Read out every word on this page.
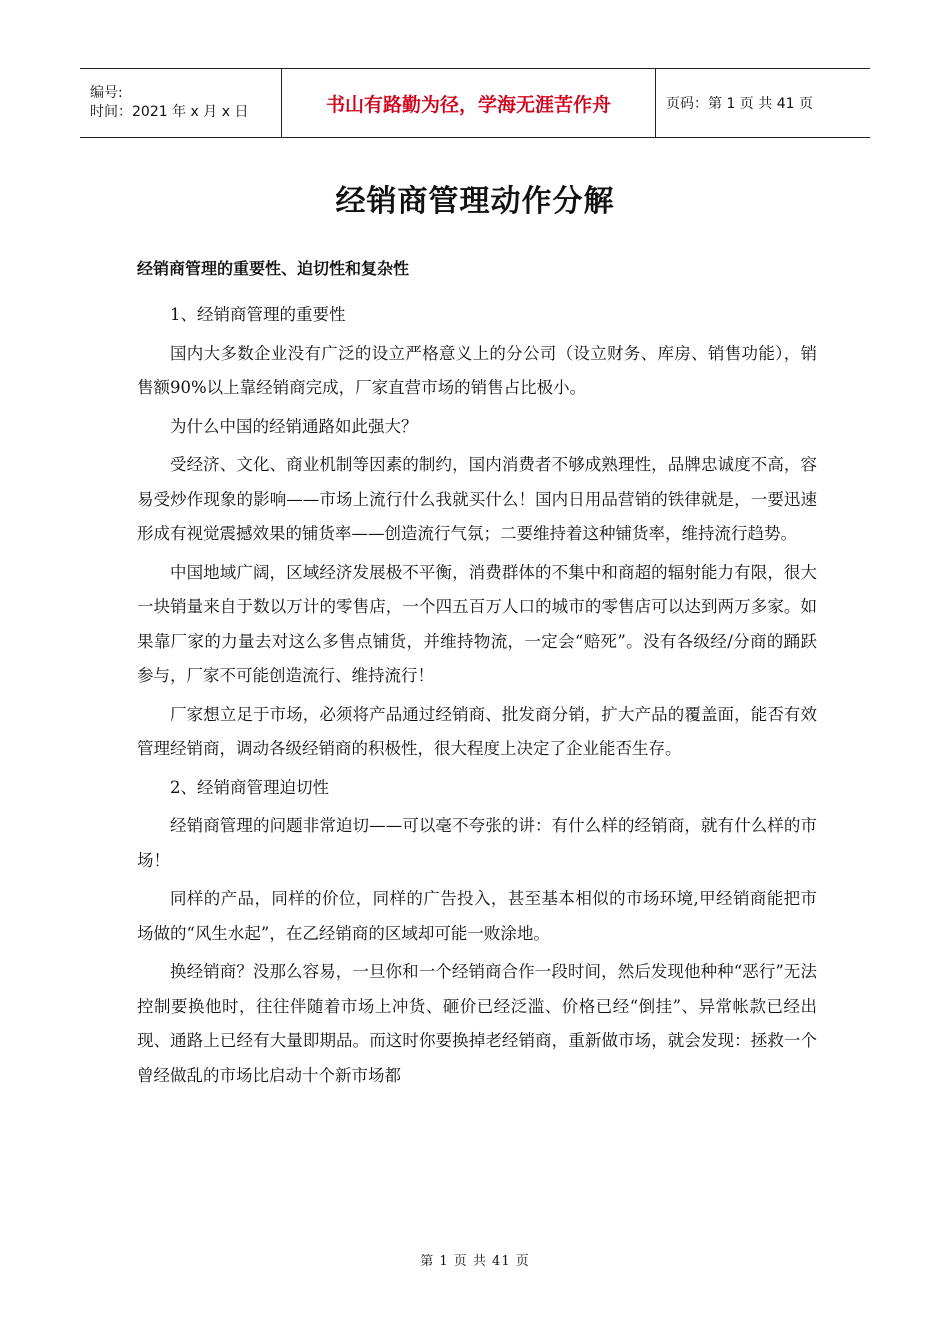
编号:
时间：2021 年 x 月 x 日	书山有路勤为径，学海无涯苦作舟	页码：第 1 页 共 41 页
经销商管理动作分解
经销商管理的重要性、迫切性和复杂性

1、经销商管理的重要性

国内大多数企业没有广泛的设立严格意义上的分公司（设立财务、库房、销售功能），销售额90%以上靠经销商完成，厂家直营市场的销售占比极小。

为什么中国的经销通路如此强大？

受经济、文化、商业机制等因素的制约，国内消费者不够成熟理性，品牌忠诚度不高，容易受炒作现象的影响——市场上流行什么我就买什么！国内日用品营销的铁律就是，一要迅速形成有视觉震撼效果的铺货率——创造流行气氛；二要维持着这种铺货率，维持流行趋势。

中国地域广阔，区域经济发展极不平衡，消费群体的不集中和商超的辐射能力有限，很大一块销量来自于数以万计的零售店，一个四五百万人口的城市的零售店可以达到两万多家。如果靠厂家的力量去对这么多售点铺货，并维持物流，一定会“赔死”。没有各级经/分商的踊跃参与，厂家不可能创造流行、维持流行！

厂家想立足于市场，必须将产品通过经销商、批发商分销，扩大产品的覆盖面，能否有效管理经销商，调动各级经销商的积极性，很大程度上决定了企业能否生存。

2、经销商管理迫切性

经销商管理的问题非常迫切——可以毫不夸张的讲：有什么样的经销商，就有什么样的市场！

同样的产品，同样的价位，同样的广告投入，甚至基本相似的市场环境,甲经销商能把市场做的“风生水起”，在乙经销商的区域却可能一败涂地。

换经销商？没那么容易，一旦你和一个经销商合作一段时间，然后发现他种种“恶行”无法控制要换他时，往往伴随着市场上冲货、砸价已经泛滥、价格已经“倒挂”、异常帐款已经出现、通路上已经有大量即期品。而这时你要换掉老经销商，重新做市场，就会发现：拯救一个曾经做乱的市场比启动十个新市场都

第 1 页 共 41 页
